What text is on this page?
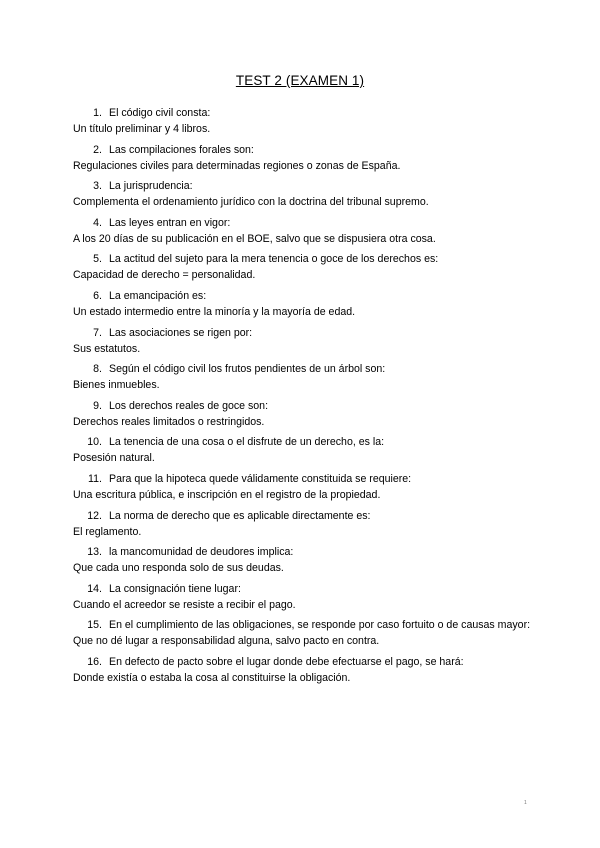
TEST 2 (EXAMEN 1)
1. El código civil consta:
Un título preliminar y 4 libros.
2. Las compilaciones forales son:
Regulaciones civiles para determinadas regiones o zonas de España.
3. La jurisprudencia:
Complementa el ordenamiento jurídico con la doctrina del tribunal supremo.
4. Las leyes entran en vigor:
A los 20 días de su publicación en el BOE, salvo que se dispusiera otra cosa.
5. La actitud del sujeto para la mera tenencia o goce de los derechos es:
Capacidad de derecho = personalidad.
6. La emancipación es:
Un estado intermedio entre la minoría y la mayoría de edad.
7. Las asociaciones se rigen por:
Sus estatutos.
8. Según el código civil los frutos pendientes de un árbol son:
Bienes inmuebles.
9. Los derechos reales de goce son:
Derechos reales limitados o restringidos.
10. La tenencia de una cosa o el disfrute de un derecho, es la:
Posesión natural.
11. Para que la hipoteca quede válidamente constituida se requiere:
Una escritura pública, e inscripción en el registro de la propiedad.
12. La norma de derecho que es aplicable directamente es:
El reglamento.
13. la mancomunidad de deudores implica:
Que cada uno responda solo de sus deudas.
14. La consignación tiene lugar:
Cuando el acreedor se resiste a recibir el pago.
15. En el cumplimiento de las obligaciones, se responde por caso fortuito o de causas mayor:
Que no dé lugar a responsabilidad alguna, salvo pacto en contra.
16. En defecto de pacto sobre el lugar donde debe efectuarse el pago, se hará:
Donde existía o estaba la cosa al constituirse la obligación.
1
